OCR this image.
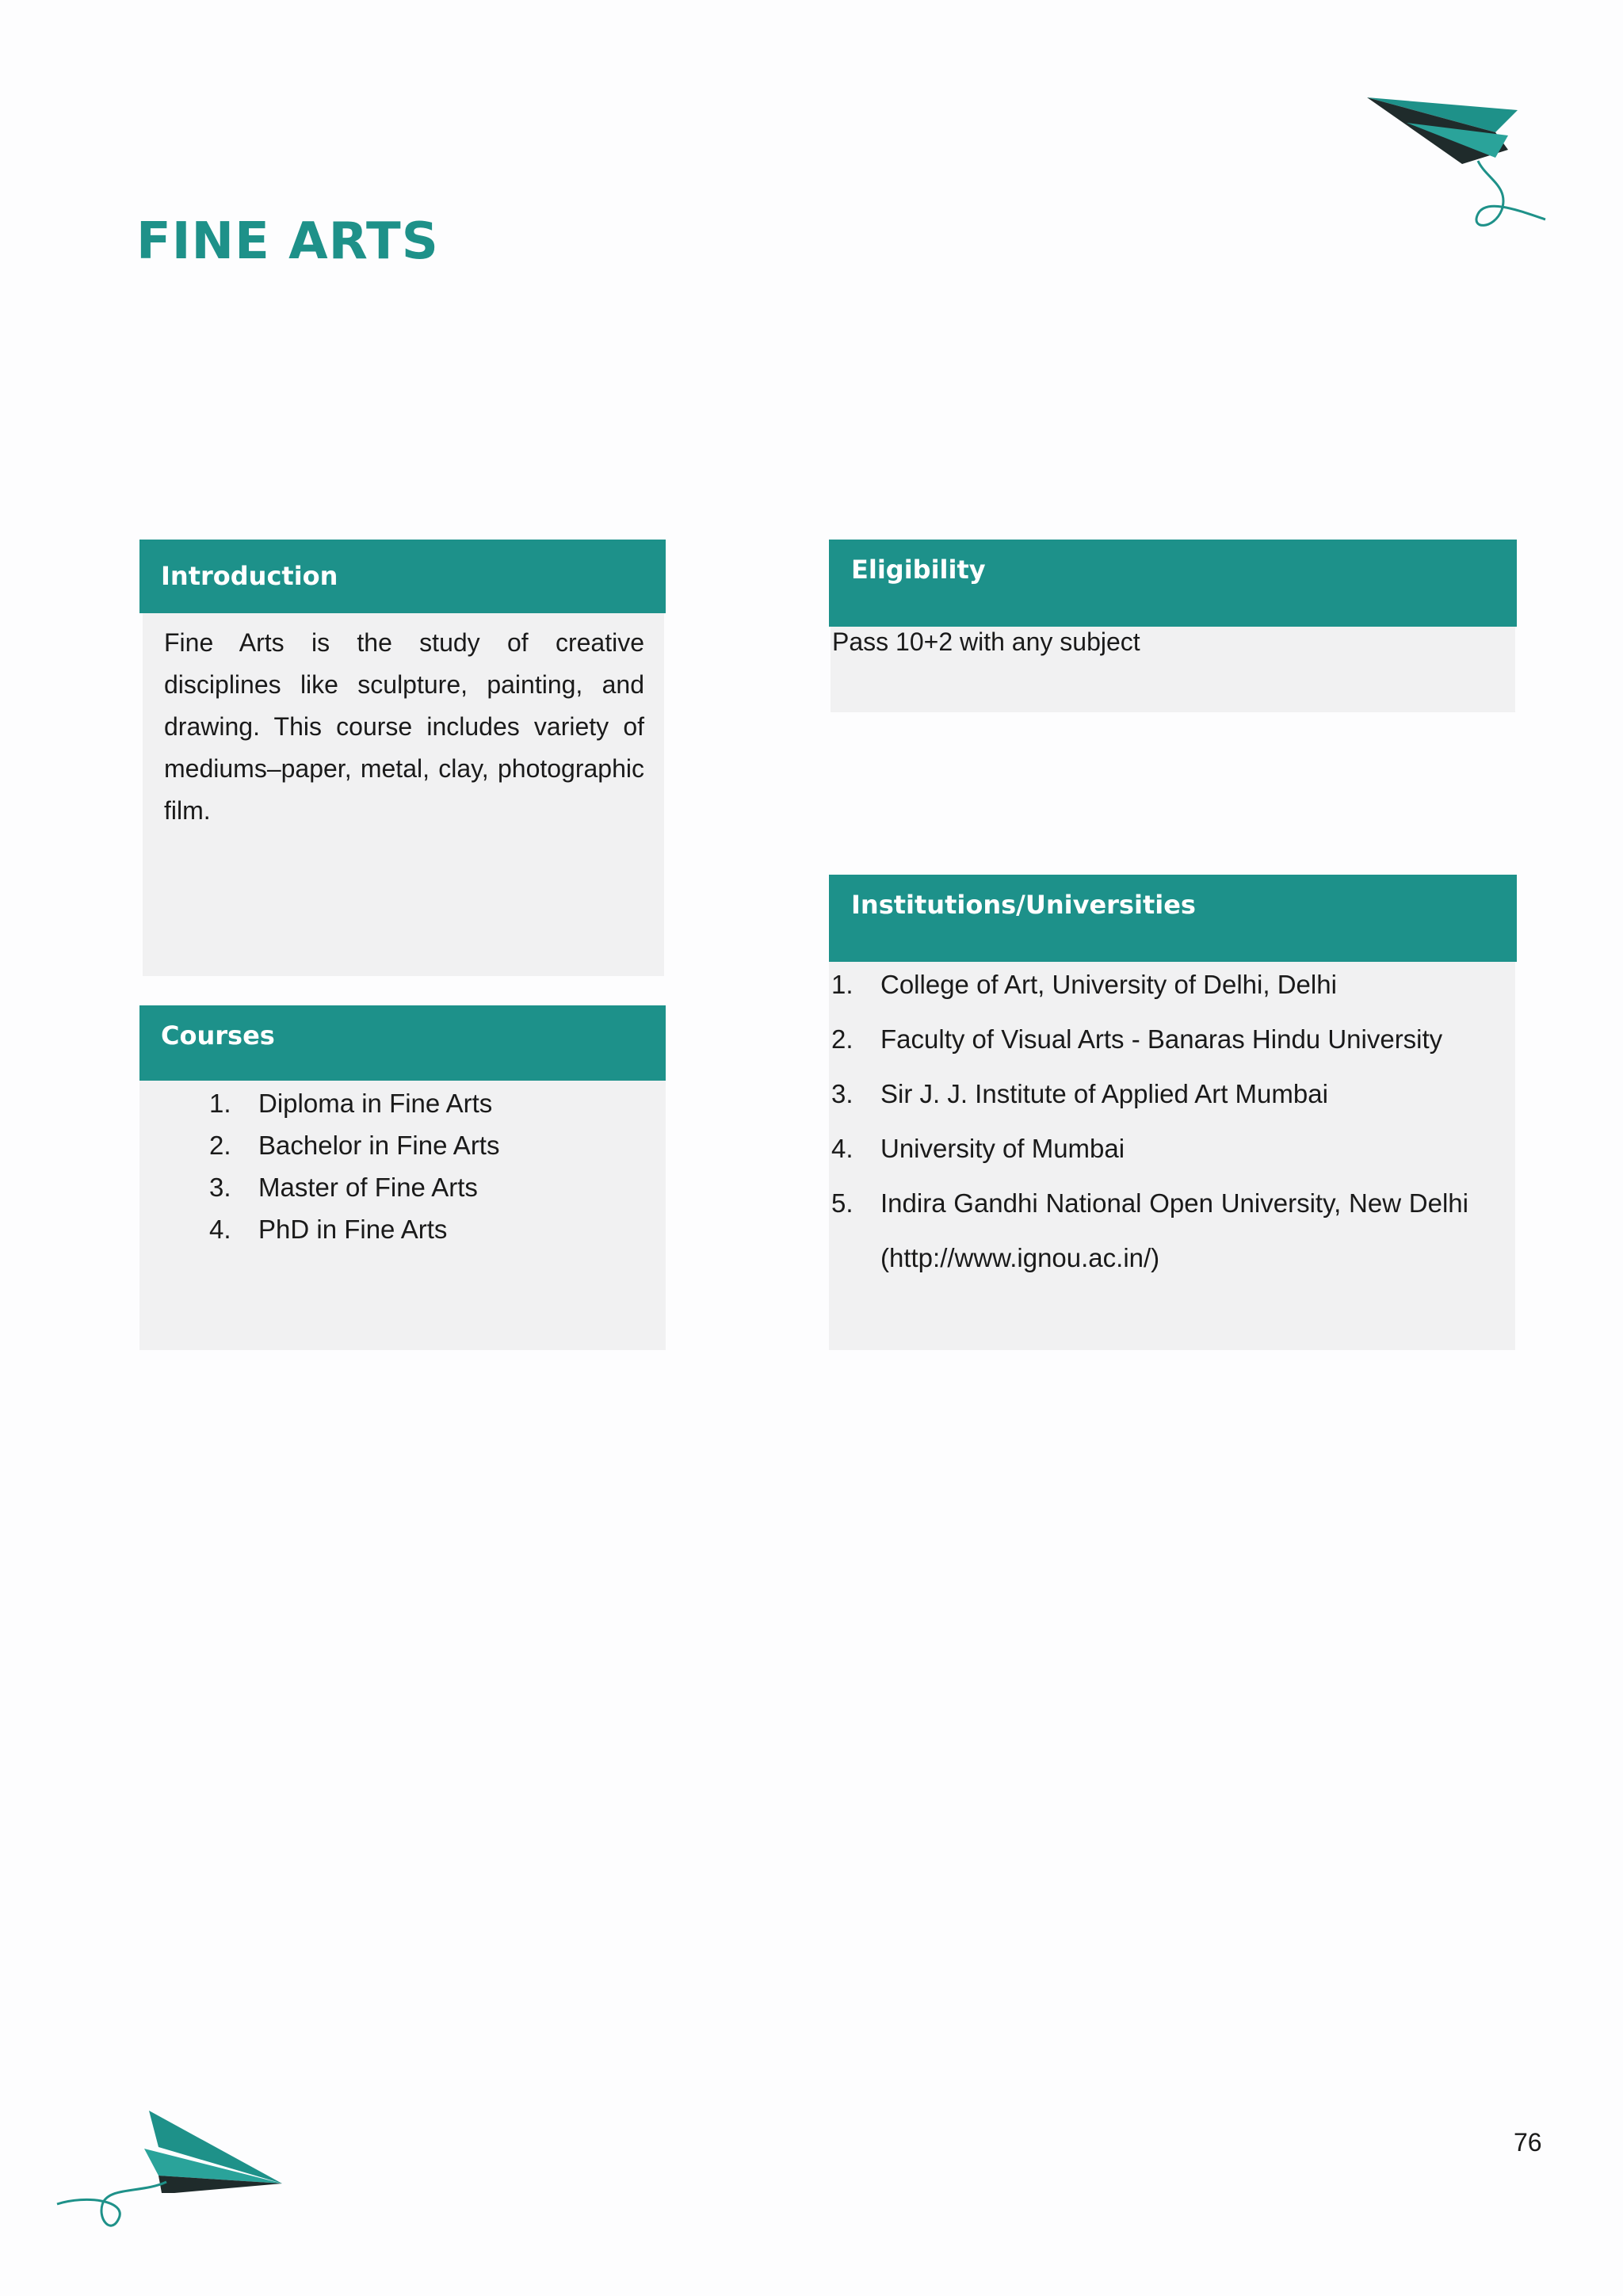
FINE ARTS
Introduction
Fine Arts is the study of creative disciplines like sculpture, painting, and drawing. This course includes variety of mediums–paper, metal, clay, photographic film.
Courses
1. Diploma in Fine Arts
2. Bachelor in Fine Arts
3. Master of Fine Arts
4. PhD in Fine Arts
Eligibility
Pass 10+2 with any subject
Institutions/Universities
1. College of Art, University of Delhi, Delhi
2. Faculty of Visual Arts - Banaras Hindu University
3. Sir J. J. Institute of Applied Art Mumbai
4. University of Mumbai
5. Indira Gandhi National Open University, New Delhi (http://www.ignou.ac.in/)
76
